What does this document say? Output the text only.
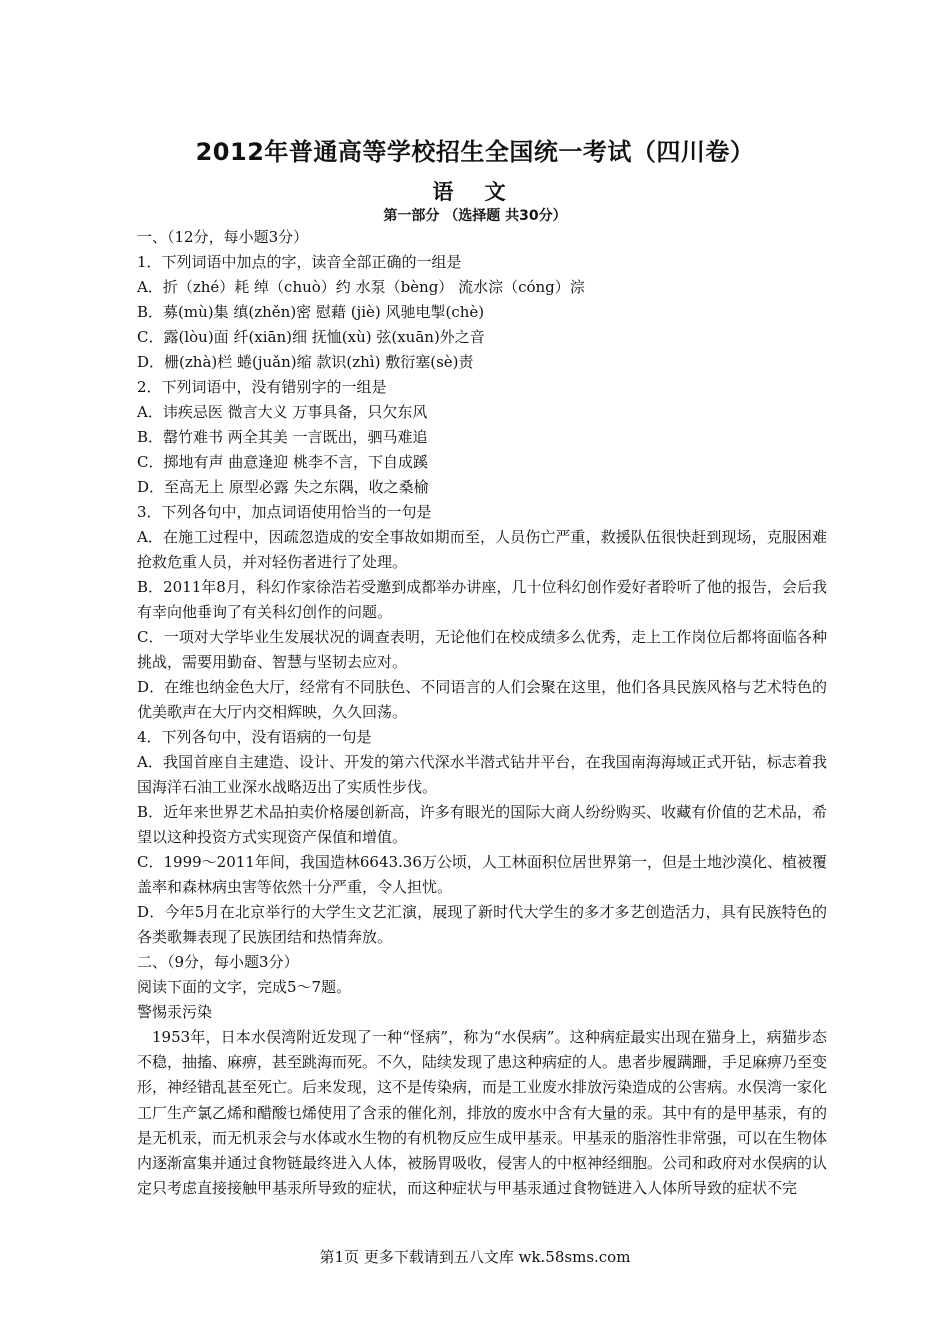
2012年普通高等学校招生全国统一考试（四川卷）
语 文
第一部分 （选择题 共30分）

一、（12分，每小题3分）

1．下列词语中加点的字，读音全部正确的一组是

A．折（zhé）耗 绰（chuò）约 水泵（bèng） 流水淙（cóng）淙

B．募(mù)集 缜(zhěn)密 慰藉 (jiè) 风驰电掣(chè)

C．露(lòu)面 纤(xiān)细 抚恤(xù) 弦(xuān)外之音

D．栅(zhà)栏 蜷(juǎn)缩 款识(zhì) 敷衍塞(sè)责

2．下列词语中，没有错别字的一组是

A．讳疾忌医 微言大义 万事具备，只欠东风

B．罄竹难书 两全其美 一言既出，驷马难追

C．掷地有声 曲意逢迎 桃李不言，下自成蹊

D．至高无上 原型必露 失之东隅，收之桑榆

3．下列各句中，加点词语使用恰当的一句是

A．在施工过程中，因疏忽造成的安全事故如期而至，人员伤亡严重，救援队伍很快赶到现场，克服困难抢救危重人员，并对轻伤者进行了处理。

B．2011年8月，科幻作家徐浩若受邀到成都举办讲座，几十位科幻创作爱好者聆听了他的报告，会后我有幸向他垂询了有关科幻创作的问题。

C．一项对大学毕业生发展状况的调查表明，无论他们在校成绩多么优秀，走上工作岗位后都将面临各种挑战，需要用勤奋、智慧与坚韧去应对。

D．在维也纳金色大厅，经常有不同肤色、不同语言的人们会聚在这里，他们各具民族风格与艺术特色的优美歌声在大厅内交相辉映，久久回荡。

4．下列各句中，没有语病的一句是

A．我国首座自主建造、设计、开发的第六代深水半潜式钻井平台，在我国南海海域正式开钻，标志着我国海洋石油工业深水战略迈出了实质性步伐。

B．近年来世界艺术品拍卖价格屡创新高，许多有眼光的国际大商人纷纷购买、收藏有价值的艺术品，希望以这种投资方式实现资产保值和增值。

C．1999～2011年间，我国造林6643.36万公顷，人工林面积位居世界第一，但是土地沙漠化、植被覆盖率和森林病虫害等依然十分严重，令人担忧。

D．今年5月在北京举行的大学生文艺汇演，展现了新时代大学生的多才多艺创造活力，具有民族特色的各类歌舞表现了民族团结和热情奔放。

二、（9分，每小题3分）

阅读下面的文字，完成5～7题。

警惕汞污染

1953年，日本水俣湾附近发现了一种“怪病”，称为“水俣病”。这种病症最实出现在猫身上，病猫步态不稳，抽搐、麻痹，甚至跳海而死。不久，陆续发现了患这种病症的人。患者步履蹒跚，手足麻痹乃至变形，神经错乱甚至死亡。后来发现，这不是传染病，而是工业废水排放污染造成的公害病。水俣湾一家化工厂生产氯乙烯和醋酸乜烯使用了含汞的催化剂，排放的废水中含有大量的汞。其中有的是甲基汞，有的是无机汞，而无机汞会与水体或水生物的有机物反应生成甲基汞。甲基汞的脂溶性非常强，可以在生物体内逐渐富集并通过食物链最终进入人体，被肠胃吸收，侵害人的中枢神经细胞。公司和政府对水俣病的认定只考虑直接接触甲基汞所导致的症状，而这种症状与甲基汞通过食物链进入人体所导致的症状不完

第1页 更多下载请到五八文库 wk.58sms.com
